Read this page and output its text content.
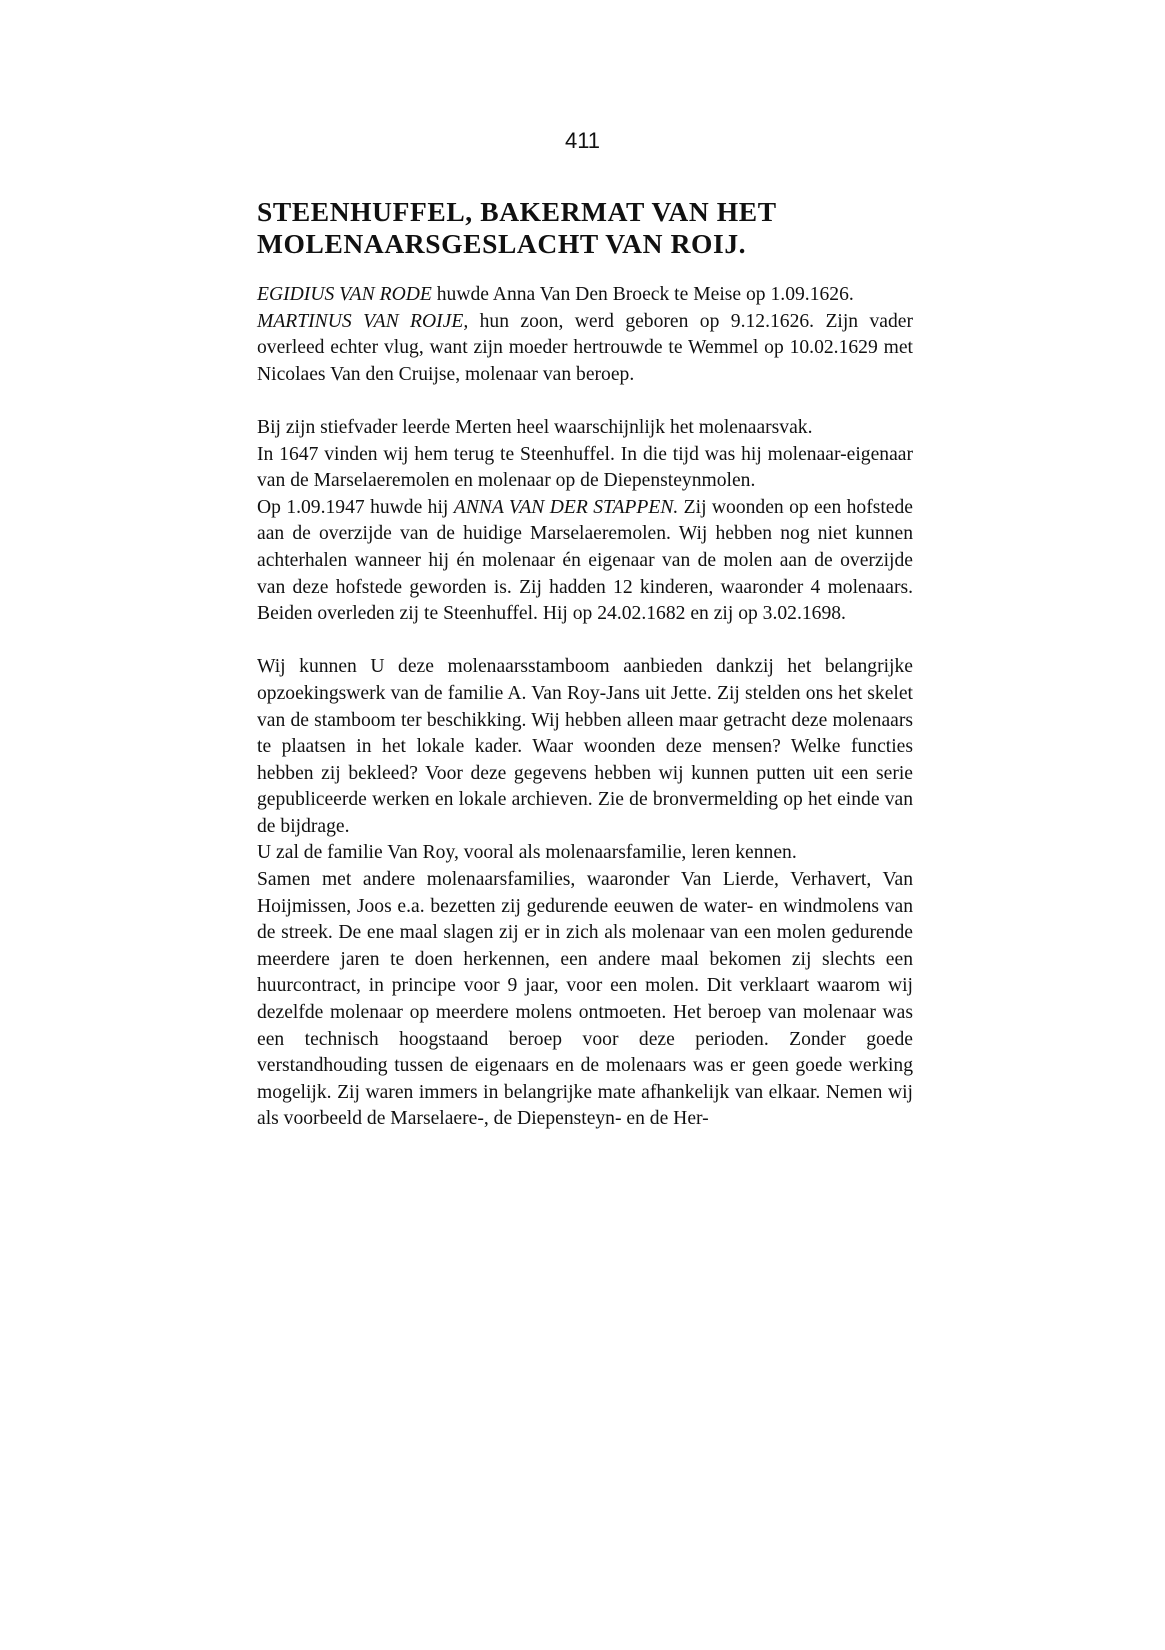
411

STEENHUFFEL, BAKERMAT VAN HET
MOLENAARSGESLACHT VAN ROIJ.

EGIDIUS VAN RODE huwde Anna Van Den Broeck te Meise op 1.09.1626.

MARTINUS VAN ROIJE, hun zoon, werd geboren op 9.12.1626. Zijn vader overleed echter vlug, want zijn moeder hertrouwde te Wemmel op 10.02.1629 met Nicolaes Van den Cruijse, molenaar van beroep.

Bij zijn stiefvader leerde Merten heel waarschijnlijk het molenaarsvak.

In 1647 vinden wij hem terug te Steenhuffel. In die tijd was hij molenaar-eigenaar van de Marselaeremolen en molenaar op de Diepensteynmolen.

Op 1.09.1947 huwde hij ANNA VAN DER STAPPEN. Zij woonden op een hofstede aan de overzijde van de huidige Marselaeremolen. Wij hebben nog niet kunnen achterhalen wanneer hij én molenaar én eigenaar van de molen aan de overzijde van deze hofstede geworden is. Zij hadden 12 kinderen, waaronder 4 molenaars. Beiden overleden zij te Steenhuffel. Hij op 24.02.1682 en zij op 3.02.1698.

Wij kunnen U deze molenaarsstamboom aanbieden dankzij het belangrijke opzoekingswerk van de familie A. Van Roy-Jans uit Jette. Zij stelden ons het skelet van de stamboom ter beschikking. Wij hebben alleen maar getracht deze molenaars te plaatsen in het lokale kader. Waar woonden deze mensen? Welke functies hebben zij bekleed? Voor deze gegevens hebben wij kunnen putten uit een serie gepubliceerde werken en lokale archieven. Zie de bronvermelding op het einde van de bijdrage.

U zal de familie Van Roy, vooral als molenaarsfamilie, leren kennen.

Samen met andere molenaarsfamilies, waaronder Van Lierde, Verhavert, Van Hoijmissen, Joos e.a. bezetten zij gedurende eeuwen de water- en windmolens van de streek. De ene maal slagen zij er in zich als molenaar van een molen gedurende meerdere jaren te doen herkennen, een andere maal bekomen zij slechts een huurcontract, in principe voor 9 jaar, voor een molen. Dit verklaart waarom wij dezelfde molenaar op meerdere molens ontmoeten. Het beroep van molenaar was een technisch hoogstaand beroep voor deze perioden. Zonder goede verstandhouding tussen de eigenaars en de molenaars was er geen goede werking mogelijk. Zij waren immers in belangrijke mate afhankelijk van elkaar. Nemen wij als voorbeeld de Marselaere-, de Diepensteyn- en de Her-
